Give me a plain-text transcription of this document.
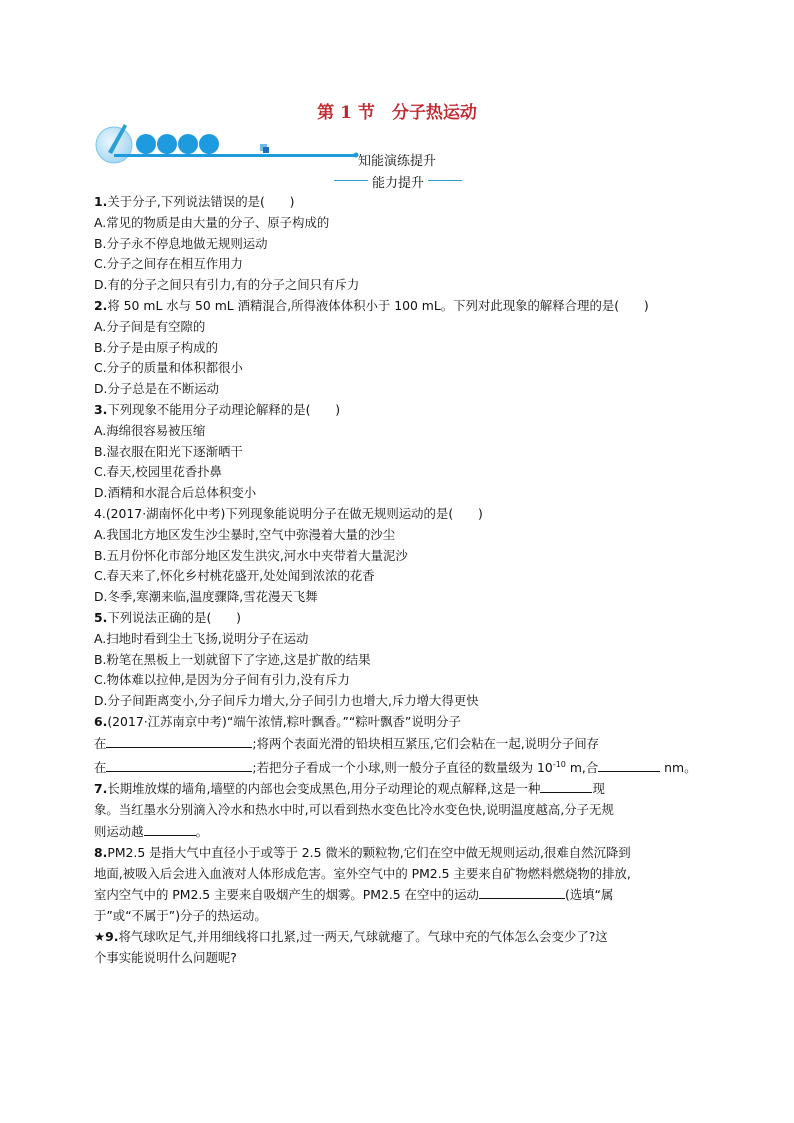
第 1 节　分子热运动
知能演练提升
能力提升

1.关于分子,下列说法错误的是(　　)

A.常见的物质是由大量的分子、原子构成的

B.分子永不停息地做无规则运动

C.分子之间存在相互作用力

D.有的分子之间只有引力,有的分子之间只有斥力

2.将 50 mL 水与 50 mL 酒精混合,所得液体体积小于 100 mL。下列对此现象的解释合理的是(　　)

A.分子间是有空隙的

B.分子是由原子构成的

C.分子的质量和体积都很小

D.分子总是在不断运动

3.下列现象不能用分子动理论解释的是(　　)

A.海绵很容易被压缩

B.湿衣服在阳光下逐渐晒干

C.春天,校园里花香扑鼻

D.酒精和水混合后总体积变小

4.(2017·湖南怀化中考)下列现象能说明分子在做无规则运动的是(　　)

A.我国北方地区发生沙尘暴时,空气中弥漫着大量的沙尘

B.五月份怀化市部分地区发生洪灾,河水中夹带着大量泥沙

C.春天来了,怀化乡村桃花盛开,处处闻到浓浓的花香

D.冬季,寒潮来临,温度骤降,雪花漫天飞舞

5.下列说法正确的是(　　)

A.扫地时看到尘土飞扬,说明分子在运动

B.粉笔在黑板上一划就留下了字迹,这是扩散的结果

C.物体难以拉伸,是因为分子间有引力,没有斥力

D.分子间距离变小,分子间斥力增大,分子间引力也增大,斥力增大得更快

6.(2017·江苏南京中考)“端午浓情,粽叶飘香。”“粽叶飘香”说明分子

在	;将两个表面光滑的铅块相互紧压,它们会粘在一起,说明分子间存

在	;若把分子看成一个小球,则一般分子直径的数量级为 $10^{-10}$ m,合	nm。

7.长期堆放煤的墙角,墙壁的内部也会变成黑色,用分子动理论的观点解释,这是一种	现

象。当红墨水分别滴入冷水和热水中时,可以看到热水变色比冷水变色快,说明温度越高,分子无规

则运动越	。

8.PM2.5 是指大气中直径小于或等于 2.5 微米的颗粒物,它们在空中做无规则运动,很难自然沉降到

地面,被吸入后会进入血液对人体形成危害。室外空气中的 PM2.5 主要来自矿物燃料燃烧物的排放,

室内空气中的 PM2.5 主要来自吸烟产生的烟雾。PM2.5 在空中的运动	(选填“属

于”或“不属于”)分子的热运动。

★9.将气球吹足气,并用细线将口扎紧,过一两天,气球就瘪了。气球中充的气体怎么会变少了?这

个事实能说明什么问题呢?
